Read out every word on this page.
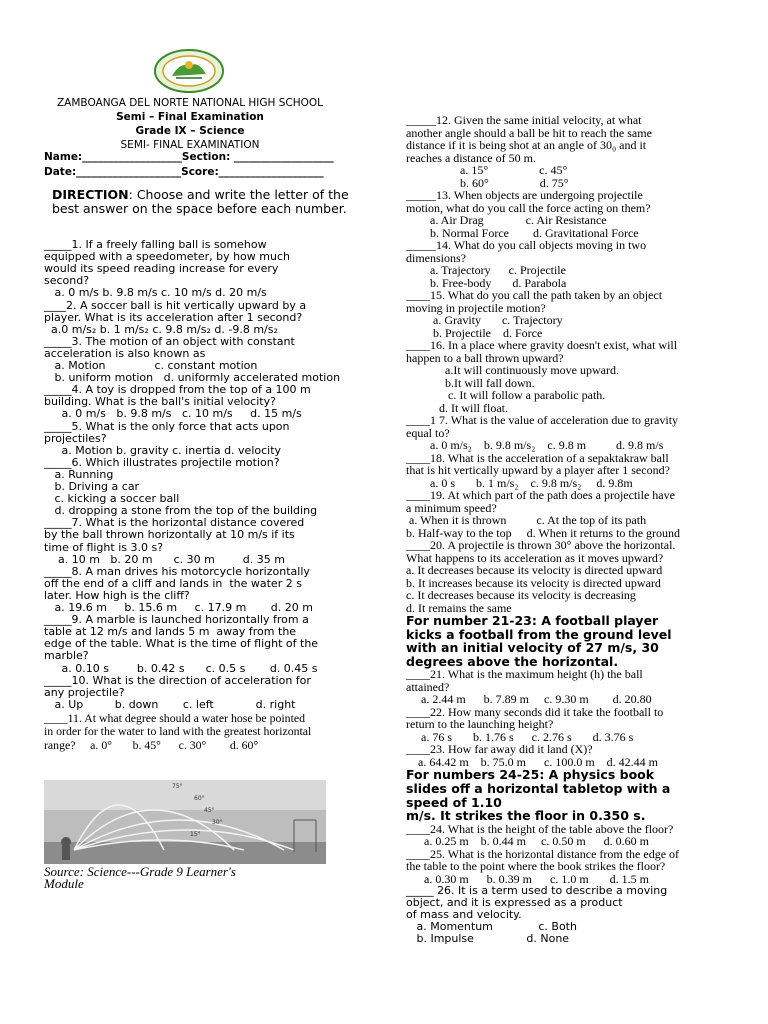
ZAMBOANGA DEL NORTE NATIONAL HIGH SCHOOL
Semi – Final Examination
Grade IX – Science
SEMI- FINAL EXAMINATION
Name:___________________Section: ___________________
Date:____________________Score:____________________
DIRECTION: Choose and write the letter of the best answer on the space before each number.
_____1. If a freely falling ball is somehow
equipped with a speedometer, by how much
would its speed reading increase for every
second?
a. 0 m/s b. 9.8 m/s c. 10 m/s d. 20 m/s
____2. A soccer ball is hit vertically upward by a
player. What is its acceleration after 1 second?
a.0 m/s₂ b. 1 m/s₂ c. 9.8 m/s₂ d. -9.8 m/s₂
_____3. The motion of an object with constant
acceleration is also known as
a. Motion              c. constant motion
b. uniform motion   d. uniformly accelerated motion
_____4. A toy is dropped from the top of a 100 m
building. What is the ball's initial velocity?
a. 0 m/s   b. 9.8 m/s   c. 10 m/s     d. 15 m/s
_____5. What is the only force that acts upon
projectiles?
a. Motion b. gravity c. inertia d. velocity
_____6. Which illustrates projectile motion?
a. Running
b. Driving a car
c. kicking a soccer ball
d. dropping a stone from the top of the building
_____7. What is the horizontal distance covered
by the ball thrown horizontally at 10 m/s if its
time of flight is 3.0 s?
a. 10 m   b. 20 m      c. 30 m        d. 35 m
_____8. A man drives his motorcycle horizontally
off the end of a cliff and lands in  the water 2 s
later. How high is the cliff?
a. 19.6 m     b. 15.6 m     c. 17.9 m       d. 20 m
_____9. A marble is launched horizontally from a
table at 12 m/s and lands 5 m  away from the
edge of the table. What is the time of flight of the
marble?
a. 0.10 s        b. 0.42 s      c. 0.5 s       d. 0.45 s
_____10. What is the direction of acceleration for
any projectile?
a. Up         b. down       c. left            d. right
____11. At what degree should a water hose be pointed
in order for the water to land with the greatest horizontal
range?     a. 0°       b. 45°      c. 30°        d. 60°
75°
60°
45°
30°
15°
Source: Science---Grade 9 Learner's
Module
_____12. Given the same initial velocity, at what
another angle should a ball be hit to reach the same
distance if it is being shot at an angle of 30₀ and it
reaches a distance of 50 m.
a. 15°                 c. 45°
b. 60°                 d. 75°
_____13. When objects are undergoing projectile
motion, what do you call the force acting on them?
a. Air Drag              c. Air Resistance
b. Normal Force        d. Gravitational Force
_____14. What do you call objects moving in two
dimensions?
a. Trajectory      c. Projectile
b. Free-body       d. Parabola
____15. What do you call the path taken by an object
moving in projectile motion?
a. Gravity       c. Trajectory
b. Projectile    d. Force
____16. In a place where gravity doesn't exist, what will
happen to a ball thrown upward?
a.It will continuously move upward.
b.It will fall down.
c. It will follow a parabolic path.
d. It will float.
____1 7. What is the value of acceleration due to gravity
equal to?
a. 0 m/s₂    b. 9.8 m/s₂    c. 9.8 m          d. 9.8 m/s
____18. What is the acceleration of a sepaktakraw ball
that is hit vertically upward by a player after 1 second?
a. 0 s       b. 1 m/s₂    c. 9.8 m/s₂     d. 9.8m
____19. At which part of the path does a projectile have
a minimum speed?
a. When it is thrown          c. At the top of its path
b. Half-way to the top     d. When it returns to the ground
____20. A projectile is thrown 30° above the horizontal.
What happens to its acceleration as it moves upward?
a. It decreases because its velocity is directed upward
b. It increases because its velocity is directed upward
c. It decreases because its velocity is decreasing
d. It remains the same
For number 21-23: A football player
kicks a football from the ground level
with an initial velocity of 27 m/s, 30
degrees above the horizontal.
____21. What is the maximum height (h) the ball
attained?
a. 2.44 m      b. 7.89 m     c. 9.30 m        d. 20.80
____22. How many seconds did it take the football to
return to the launching height?
a. 76 s       b. 1.76 s      c. 2.76 s       d. 3.76 s
____23. How far away did it land (X)?
a. 64.42 m    b. 75.0 m      c. 100.0 m    d. 42.44 m
For numbers 24-25: A physics book
slides off a horizontal tabletop with a
speed of 1.10
m/s. It strikes the floor in 0.350 s.
____24. What is the height of the table above the floor?
a. 0.25 m    b. 0.44 m     c. 0.50 m      d. 0.60 m
____25. What is the horizontal distance from the edge of
the table to the point where the book strikes the floor?
a. 0.30 m      b. 0.39 m      c. 1.0 m       d. 1.5 m
_____ 26. It is a term used to describe a moving
object, and it is expressed as a product
of mass and velocity.
a. Momentum             c. Both
b. Impulse               d. None
